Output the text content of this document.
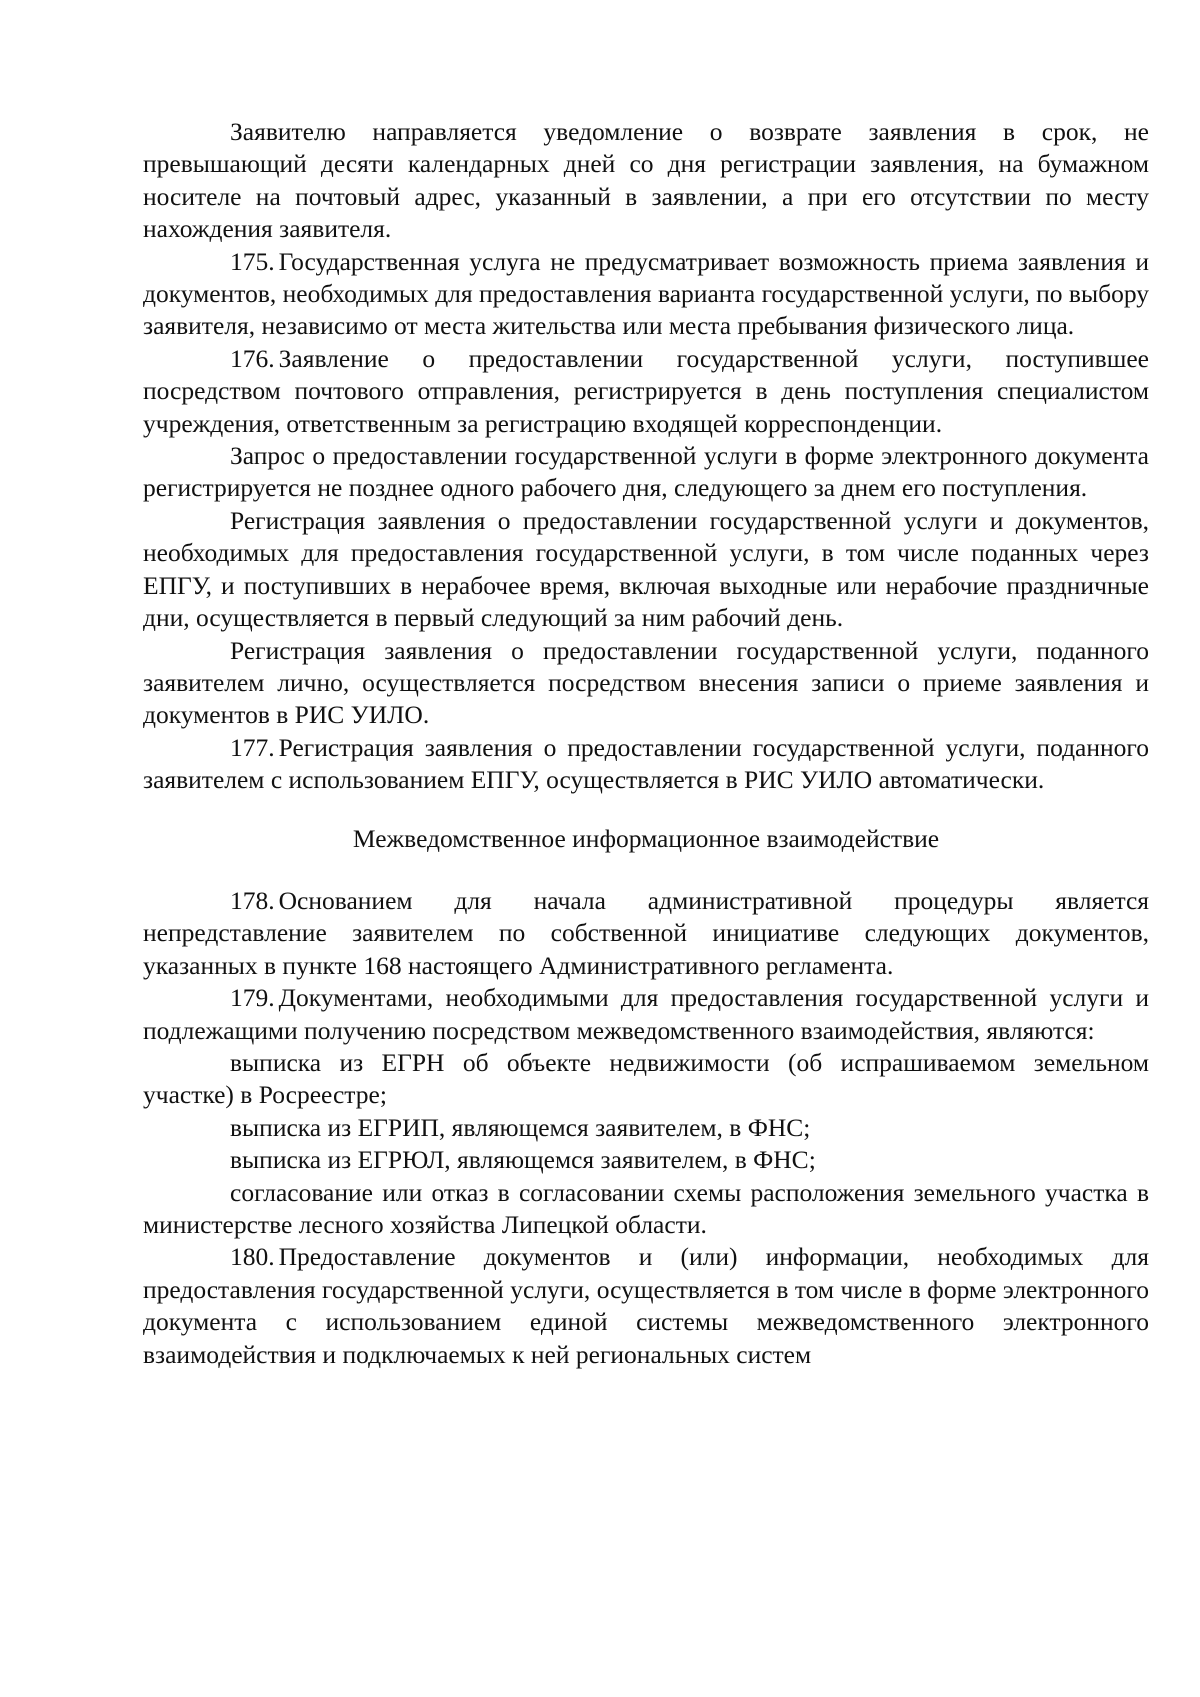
Заявителю направляется уведомление о возврате заявления в срок, не превышающий десяти календарных дней со дня регистрации заявления, на бумажном носителе на почтовый адрес, указанный в заявлении, а при его отсутствии по месту нахождения заявителя.

175. Государственная услуга не предусматривает возможность приема заявления и документов, необходимых для предоставления варианта государственной услуги, по выбору заявителя, независимо от места жительства или места пребывания физического лица.

176. Заявление о предоставлении государственной услуги, поступившее посредством почтового отправления, регистрируется в день поступления специалистом учреждения, ответственным за регистрацию входящей корреспонденции.

Запрос о предоставлении государственной услуги в форме электронного документа регистрируется не позднее одного рабочего дня, следующего за днем его поступления.

Регистрация заявления о предоставлении государственной услуги и документов, необходимых для предоставления государственной услуги, в том числе поданных через ЕПГУ, и поступивших в нерабочее время, включая выходные или нерабочие праздничные дни, осуществляется в первый следующий за ним рабочий день.

Регистрация заявления о предоставлении государственной услуги, поданного заявителем лично, осуществляется посредством внесения записи о приеме заявления и документов в РИС УИЛО.

177. Регистрация заявления о предоставлении государственной услуги, поданного заявителем с использованием ЕПГУ, осуществляется в РИС УИЛО автоматически.

Межведомственное информационное взаимодействие

178. Основанием для начала административной процедуры является непредставление заявителем по собственной инициативе следующих документов, указанных в пункте 168 настоящего Административного регламента.

179. Документами, необходимыми для предоставления государственной услуги и подлежащими получению посредством межведомственного взаимодействия, являются:

выписка из ЕГРН об объекте недвижимости (об испрашиваемом земельном участке) в Росреестре;

выписка из ЕГРИП, являющемся заявителем, в ФНС;

выписка из ЕГРЮЛ, являющемся заявителем, в ФНС;

согласование или отказ в согласовании схемы расположения земельного участка в министерстве лесного хозяйства Липецкой области.

180. Предоставление документов и (или) информации, необходимых для предоставления государственной услуги, осуществляется в том числе в форме электронного документа с использованием единой системы межведомственного электронного взаимодействия и подключаемых к ней региональных систем
